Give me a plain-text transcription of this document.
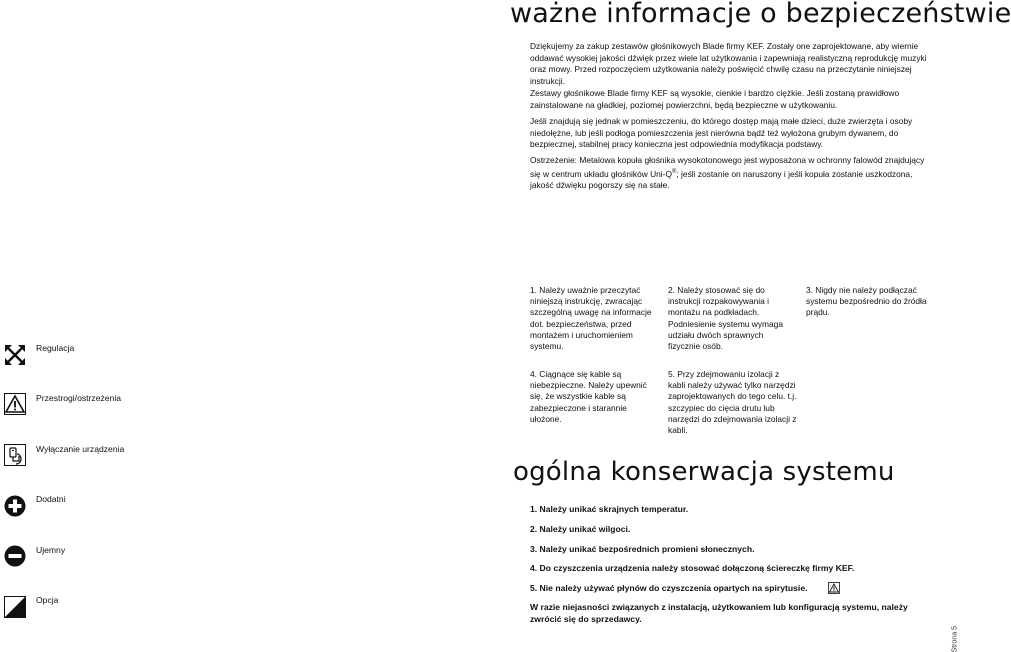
ważne informacje o bezpieczeństwie
Dziękujemy za zakup zestawów głośnikowych Blade firmy KEF. Zostały one zaprojektowane, aby wiernie oddawać wysokiej jakości dźwięk przez wiele lat użytkowania i zapewniają realistyczną reprodukcję muzyki oraz mowy. Przed rozpoczęciem użytkowania należy poświęcić chwilę czasu na przeczytanie niniejszej instrukcji.
Zestawy głośnikowe Blade firmy KEF są wysokie, cienkie i bardzo ciężkie. Jeśli zostaną prawidłowo zainstalowane na gładkiej, poziomej powierzchni, będą bezpieczne w użytkowaniu.
Jeśli znajdują się jednak w pomieszczeniu, do którego dostęp mają małe dzieci, duże zwierzęta i osoby niedołężne, lub jeśli podłoga pomieszczenia jest nierówna bądź też wyłożona grubym dywanem, do bezpiecznej, stabilnej pracy konieczna jest odpowiednia modyfikacja podstawy.
Ostrzeżenie: Metalowa kopuła głośnika wysokotonowego jest wyposażona w ochronny falowód znajdujący się w centrum układu głośników Uni-Q®; jeśli zostanie on naruszony i jeśli kopuła zostanie uszkodzona, jakość dźwięku pogorszy się na stałe.
1. Należy uważnie przeczytać niniejszą instrukcję, zwracając szczególną uwagę na informacje dot. bezpieczeństwa, przed montażem i uruchomieniem systemu.
2. Należy stosować się do instrukcji rozpakowywania i montażu na podkładach. Podniesienie systemu wymaga udziału dwóch sprawnych fizycznie osób.
3. Nigdy nie należy podłączać systemu bezpośrednio do źródła prądu.
4. Ciągnące się kable są niebezpieczne. Należy upewnić się, że wszystkie kable są zabezpieczone i starannie ułożone.
5. Przy zdejmowaniu izolacji z kabli należy używać tylko narzędzi zaprojektowanych do tego celu. t.j. szczypiec do cięcia drutu lub narzędzi do zdejmowania izolacji z kabli.
Regulacja
Przestrogi/ostrzeżenia
Wyłączanie urządzenia
Dodatni
Ujemny
Opcja
ogólna konserwacja systemu
1. Należy unikać skrajnych temperatur.
2. Należy unikać wilgoci.
3. Należy unikać bezpośrednich promieni słonecznych.
4. Do czyszczenia urządzenia należy stosować dołączoną ściereczkę firmy KEF.
5. Nie należy używać płynów do czyszczenia opartych na spirytusie.
W razie niejasności związanych z instalacją, użytkowaniem lub konfiguracją systemu, należy zwrócić się do sprzedawcy.
Strona 5
